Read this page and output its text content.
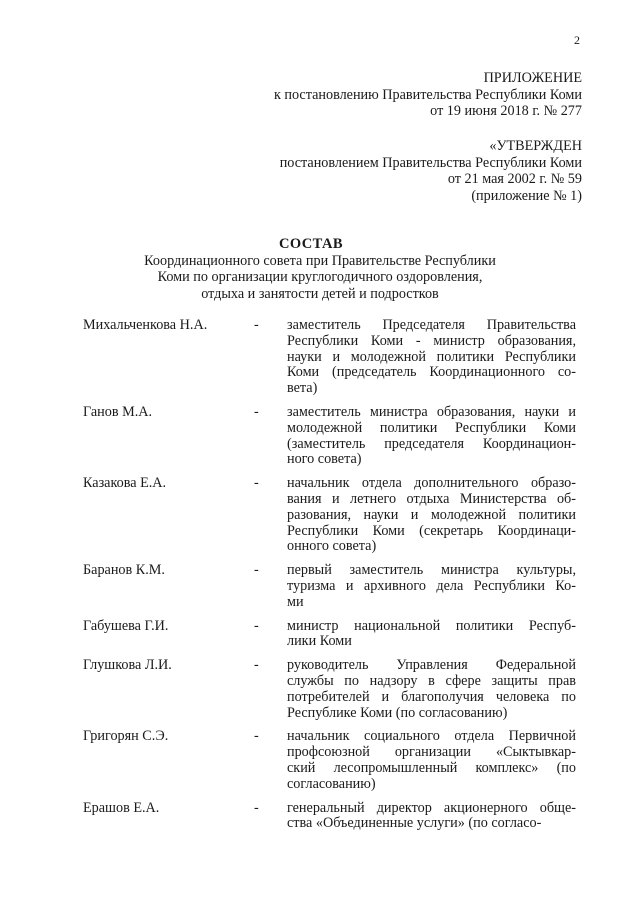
2
ПРИЛОЖЕНИЕ
к постановлению Правительства Республики Коми
от 19 июня 2018 г. № 277
«УТВЕРЖДЕН
постановлением Правительства Республики Коми
от 21 мая 2002 г. № 59
(приложение № 1)
СОСТАВ
Координационного совета при Правительстве Республики
Коми по организации круглогодичного оздоровления,
отдыха и занятости детей и подростков
Михальченкова Н.А.	-	заместитель Председателя Правительства
Республики Коми - министр образования,
науки и молодежной политики Республики
Коми (председатель Координационного со-
вета)
Ганов М.А.	-	заместитель министра образования, науки и
молодежной политики Республики Коми
(заместитель председателя Координацион-
ного совета)
Казакова Е.А.	-	начальник отдела дополнительного образо-
вания и летнего отдыха Министерства об-
разования, науки и молодежной политики
Республики Коми (секретарь Координаци-
онного совета)
Баранов К.М.	-	первый заместитель министра культуры,
туризма и архивного дела Республики Ко-
ми
Габушева Г.И.	-	министр национальной политики Респуб-
лики Коми
Глушкова Л.И.	-	руководитель Управления Федеральной
службы по надзору в сфере защиты прав
потребителей и благополучия человека по
Республике Коми (по согласованию)
Григорян С.Э.	-	начальник социального отдела Первичной
профсоюзной организации «Сыктывкар-
ский лесопромышленный комплекс» (по
согласованию)
Ерашов Е.А.	-	генеральный директор акционерного обще-
ства «Объединенные услуги» (по согласо-
